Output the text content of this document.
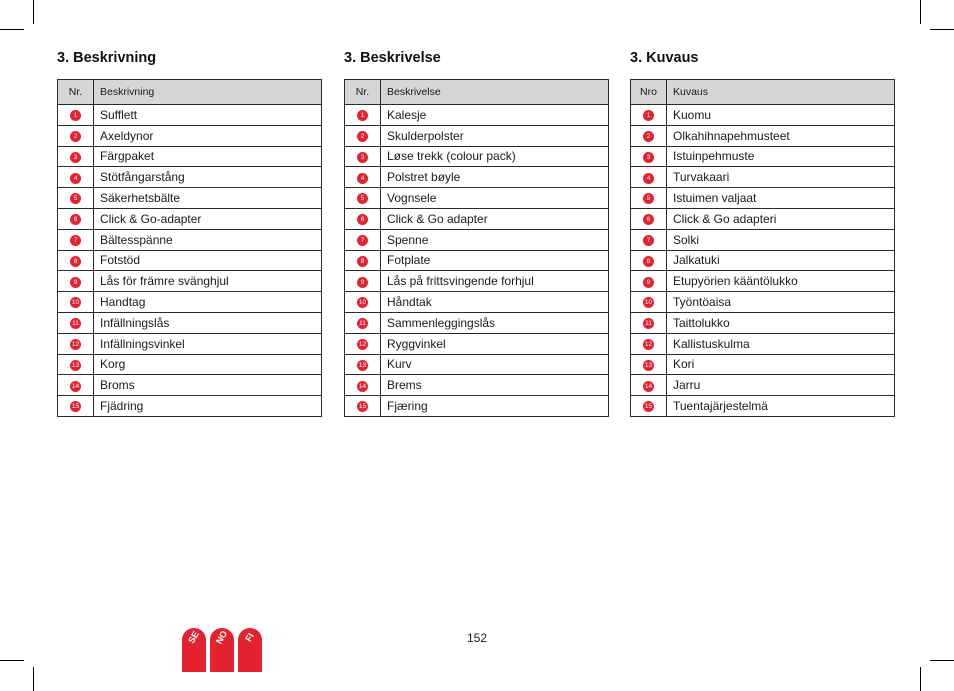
3. Beskrivning
Nr.	Beskrivning
1	Sufflett
2	Axeldynor
3	Färgpaket
4	Stötfångarstång
5	Säkerhetsbälte
6	Click & Go-adapter
7	Bältesspänne
8	Fotstöd
9	Lås för främre svänghjul
10	Handtag
11	Infällningslås
12	Infällningsvinkel
13	Korg
14	Broms
15	Fjädring
3. Beskrivelse
Nr.	Beskrivelse
1	Kalesje
2	Skulderpolster
3	Løse trekk (colour pack)
4	Polstret bøyle
5	Vognsele
6	Click & Go adapter
7	Spenne
8	Fotplate
9	Lås på frittsvingende forhjul
10	Håndtak
11	Sammenleggingslås
12	Ryggvinkel
13	Kurv
14	Brems
15	Fjæring
3. Kuvaus
Nro	Kuvaus
1	Kuomu
2	Olkahihnapehmusteet
3	Istuinpehmuste
4	Turvakaari
5	Istuimen valjaat
6	Click & Go adapteri
7	Solki
8	Jalkatuki
9	Etupyörien kääntölukko
10	Työntöaisa
11	Taittolukko
12	Kallistuskulma
13	Kori
14	Jarru
15	Tuentajärjestelmä
SE	NO	FI	152
